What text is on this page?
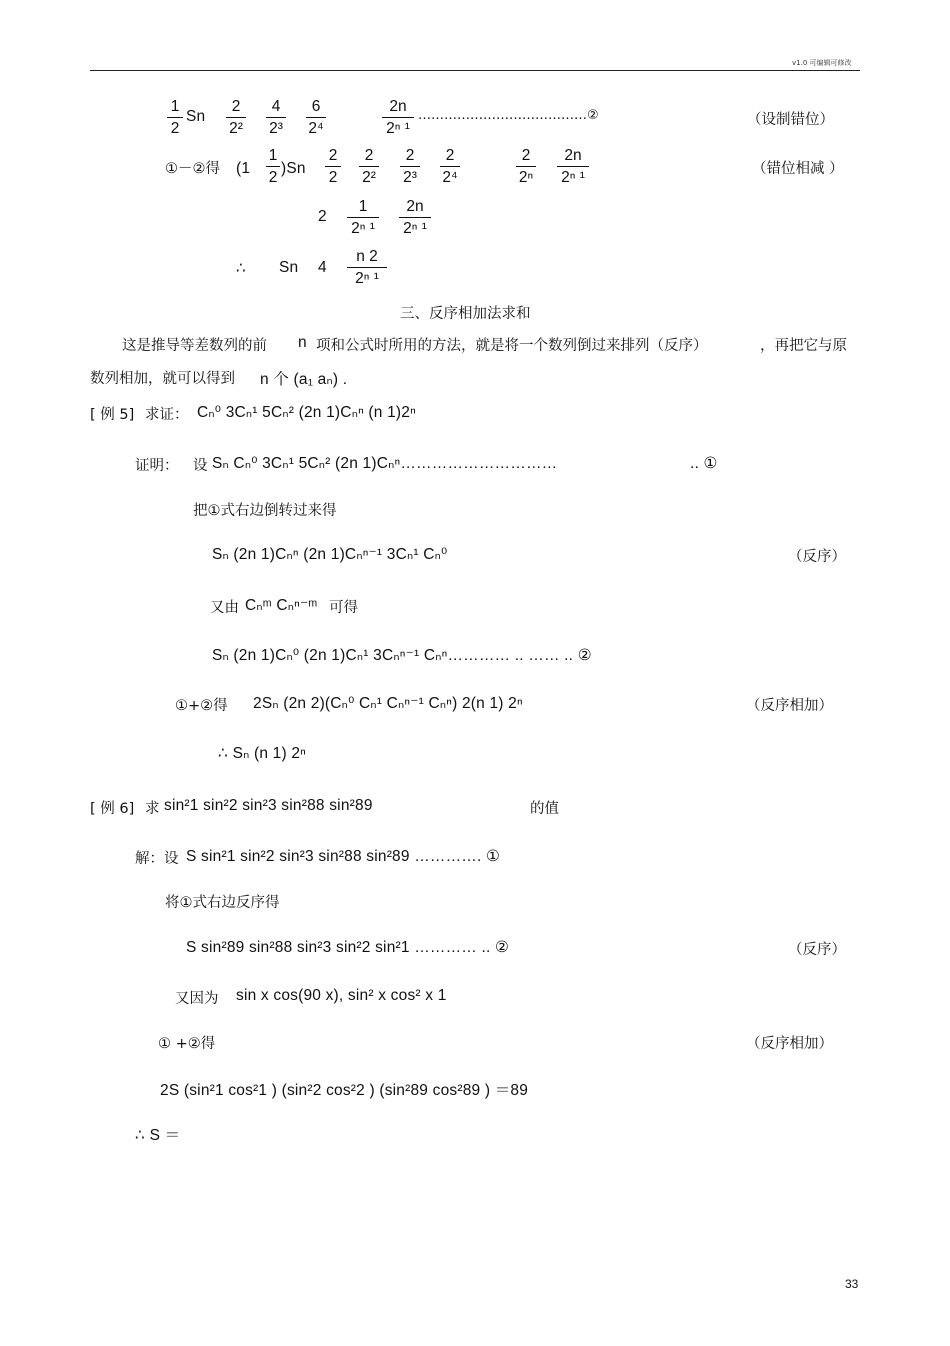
v1.0 可编辑可修改
1
2
Sn
2
2²
4
2³
6
2⁴
2n
2ⁿ ¹
…………………………………②	（设制错位）
①－②得 (1
1
2
)Sn
2
2
2
2²
2
2³
2
2⁴
2
2ⁿ
2n
2ⁿ ¹	（错位相减 ）
2
1
2ⁿ ¹
2n
2ⁿ ¹
∴ Sn 4
n 2
2ⁿ ¹
三、反序相加法求和
这是推导等差数列的前 n 项和公式时所用的方法，就是将一个数列倒过来排列（反序）	，再把它与原
数列相加，就可以得到 n 个 (a₁ aₙ) .
[ 例 5] 求证： Cₙ⁰ 3Cₙ¹ 5Cₙ² (2n 1)Cₙⁿ (n 1)2ⁿ
证明： 设 Sₙ Cₙ⁰ 3Cₙ¹ 5Cₙ² (2n 1)Cₙⁿ…………………………	.. ①
把①式右边倒转过来得
Sₙ (2n 1)Cₙⁿ (2n 1)Cₙⁿ⁻¹ 3Cₙ¹ Cₙ⁰	（反序）
又由 Cₙᵐ Cₙⁿ⁻ᵐ 可得
Sₙ (2n 1)Cₙ⁰ (2n 1)Cₙ¹ 3Cₙⁿ⁻¹ Cₙⁿ………… .. …… .. ②
①+②得 2Sₙ (2n 2)(Cₙ⁰ Cₙ¹ Cₙⁿ⁻¹ Cₙⁿ) 2(n 1) 2ⁿ	（反序相加）
∴ Sₙ (n 1) 2ⁿ
[ 例 6] 求 sin²1 sin²2 sin²3 sin²88 sin²89	的值
解：设 S sin²1 sin²2 sin²3 sin²88 sin²89 …………. ①
将①式右边反序得
S sin²89 sin²88 sin²3 sin²2 sin²1 ………… .. ②	（反序）
又因为 sin x cos(90 x), sin² x cos² x 1
① +②得	（反序相加）
2S (sin²1 cos²1 ) (sin²2 cos²2 ) (sin²89 cos²89 ) ＝89
∴ S ＝
33
